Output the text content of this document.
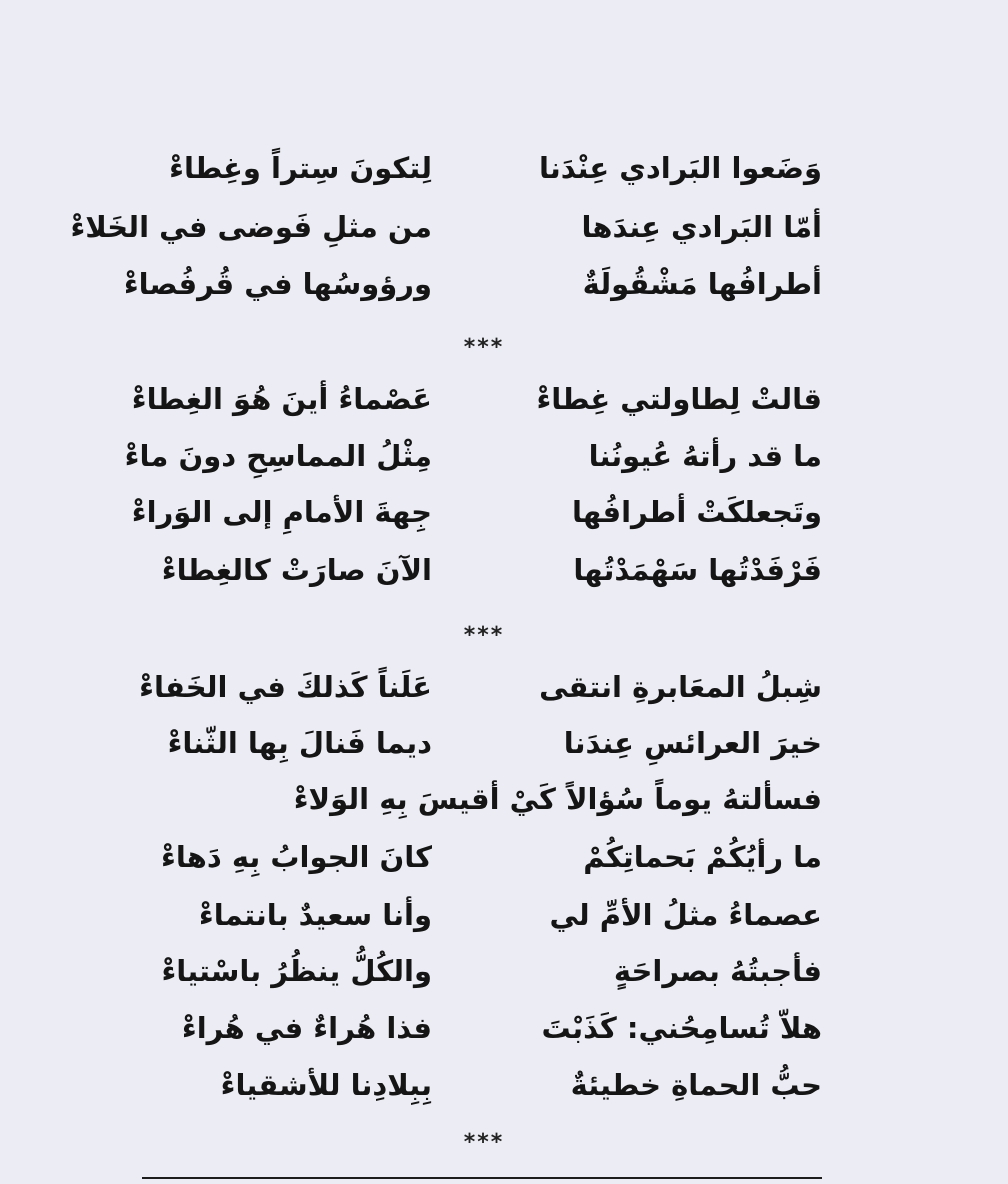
وَضَعوا البَرادي عِنْدَنا
لِتكونَ سِتراً وغِطاءْ
أمّا البَرادي عِندَها
من مثلِ فَوضى في الخَلاءْ
أطرافُها مَشْقُولَةٌ
ورؤوسُها في قُرفُصاءْ
***
قالتْ لِطاولتي غِطاءْ
عَصْماءُ أينَ هُوَ الغِطاءْ
ما قد رأتهُ عُيونُنا
مِثْلُ المماسِحِ دونَ ماءْ
وتَجعلكَتْ أطرافُها
جِهةَ الأمامِ إلى الوَراءْ
فَرْفَدْتُها سَهْمَدْتُها
الآنَ صارَتْ كالغِطاءْ
***
شِبلُ المعَابرةِ انتقى
عَلَناً كَذلكَ في الخَفاءْ
خيرَ العرائسِ عِندَنا
ديما فَنالَ بِها الثّناءْ
فسألتهُ يوماً سُؤالاً كَيْ أقيسَ بِهِ الوَلاءْ
ما رأيُكُمْ بَحماتِكُمْ
كانَ الجوابُ بِهِ دَهاءْ
عصماءُ مثلُ الأمِّ لي
وأنا سعيدٌ بانتماءْ
فأجبتُهُ بصراحَةٍ
والكُلُّ ينظُرُ باسْتياءْ
هلاّ تُسامِحُني: كَذَبْتَ
فذا هُراءٌ في هُراءْ
حبُّ الحماةِ خطيئةٌ
بِبِلادِنا للأشقياءْ
***
